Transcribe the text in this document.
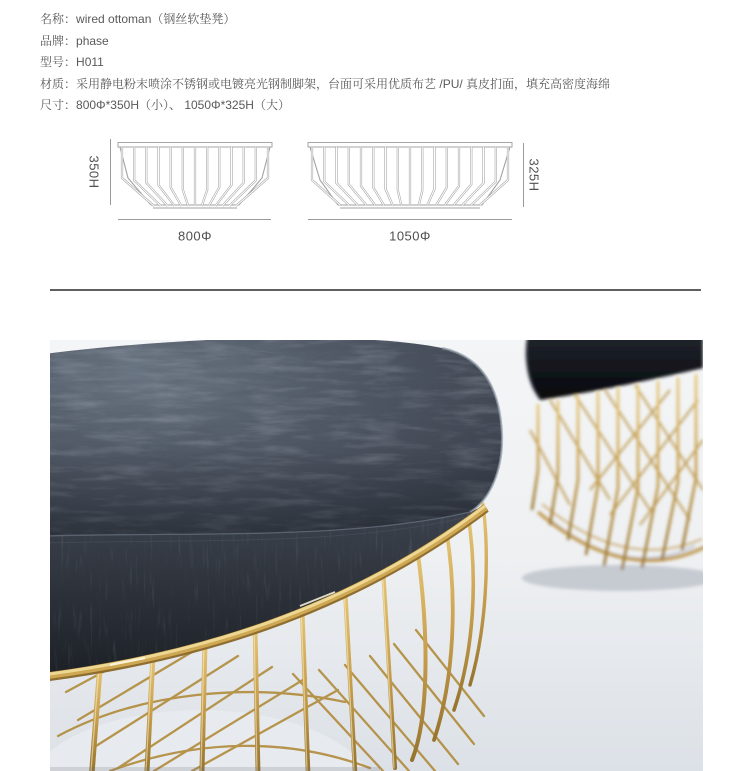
名称：wired ottoman（钢丝软垫凳）
品牌：phase
型号：H011
材质：采用静电粉末喷涂不锈钢或电镀亮光钢制脚架，台面可采用优质布艺 /PU/ 真皮扪面，填充高密度海绵
尺寸：800Φ*350H（小）、 1050Φ*325H（大）
350H
800Φ	1050Φ
325H
